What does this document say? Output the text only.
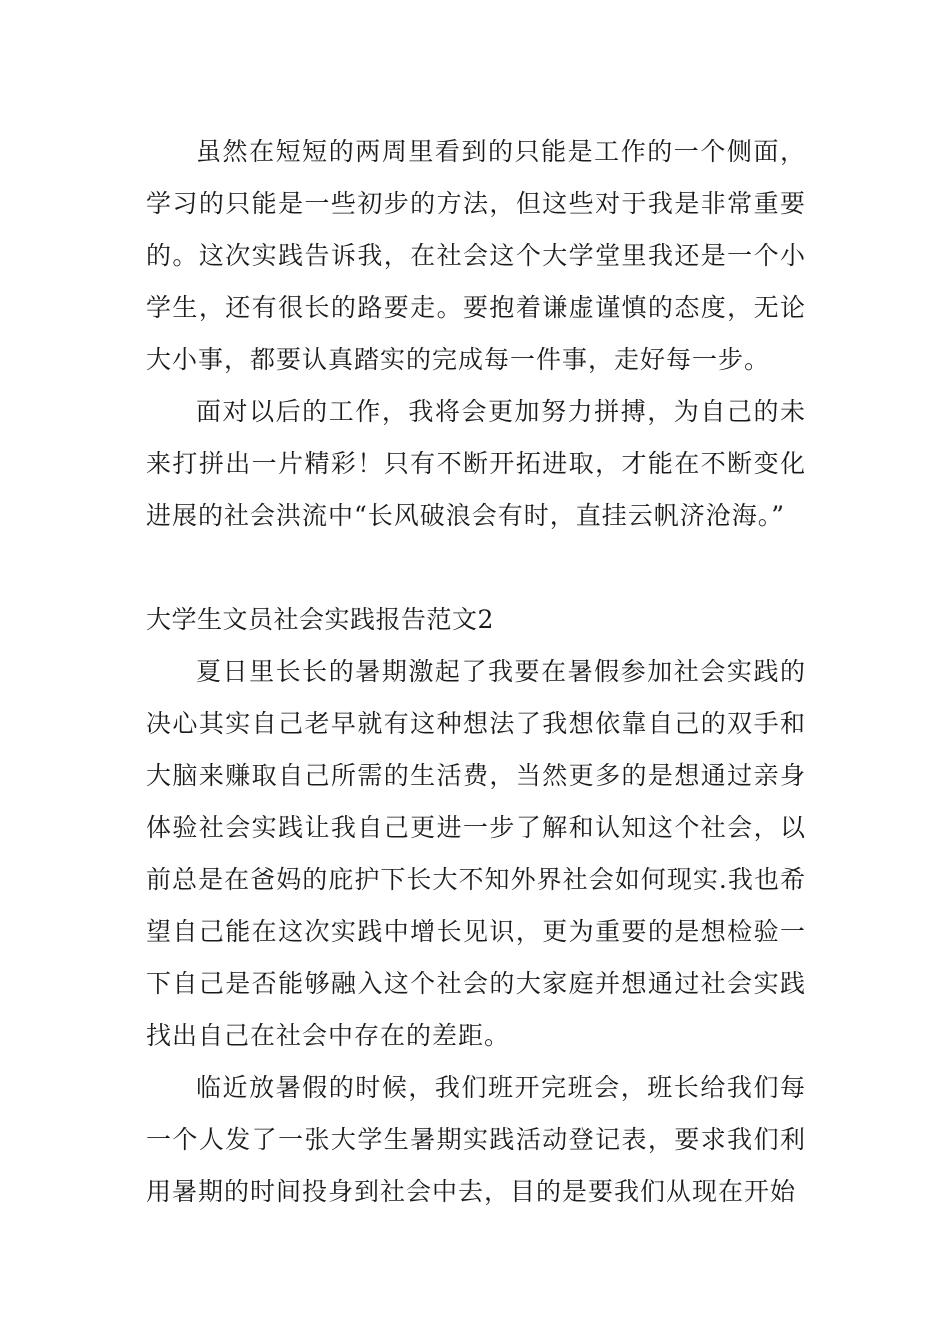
虽然在短短的两周里看到的只能是工作的一个侧面，学习的只能是一些初步的方法，但这些对于我是非常重要的。这次实践告诉我，在社会这个大学堂里我还是一个小学生，还有很长的路要走。要抱着谦虚谨慎的态度，无论大小事，都要认真踏实的完成每一件事，走好每一步。

面对以后的工作，我将会更加努力拼搏，为自己的未来打拼出一片精彩！只有不断开拓进取，才能在不断变化进展的社会洪流中“长风破浪会有时，直挂云帆济沧海。”

大学生文员社会实践报告范文2

夏日里长长的暑期激起了我要在暑假参加社会实践的决心其实自己老早就有这种想法了我想依靠自己的双手和大脑来赚取自己所需的生活费，当然更多的是想通过亲身体验社会实践让我自己更进一步了解和认知这个社会，以前总是在爸妈的庇护下长大不知外界社会如何现实.我也希望自己能在这次实践中增长见识，更为重要的是想检验一下自己是否能够融入这个社会的大家庭并想通过社会实践找出自己在社会中存在的差距。

临近放暑假的时候，我们班开完班会，班长给我们每一个人发了一张大学生暑期实践活动登记表，要求我们利用暑期的时间投身到社会中去，目的是要我们从现在开始
